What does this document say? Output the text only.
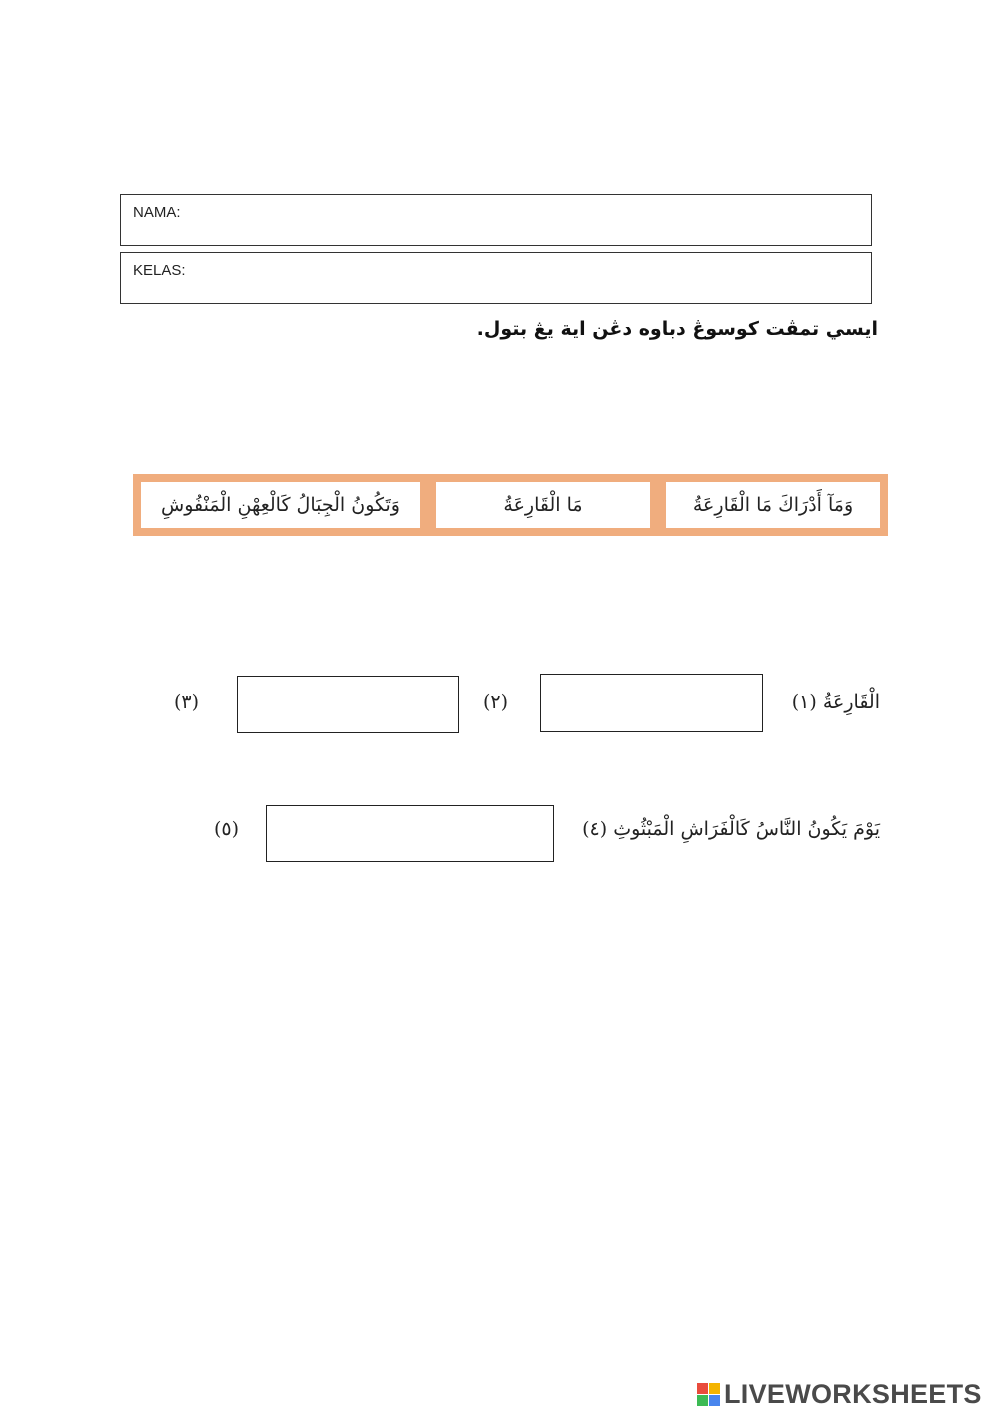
NAMA:
KELAS:
ايسي تمڤت كوسوڠ دباوه دڠن اية يڠ بتول.
وَمَآ أَدْرَاكَ مَا الْقَارِعَةُ
مَا الْقَارِعَةُ
وَتَكُونُ الْجِبَالُ كَالْعِهْنِ الْمَنْفُوشِ
الْقَارِعَةُ (١)
(٢)
(٣)
يَوْمَ يَكُونُ النَّاسُ كَالْفَرَاشِ الْمَبْثُوثِ (٤)
(٥)
LIVEWORKSHEETS
